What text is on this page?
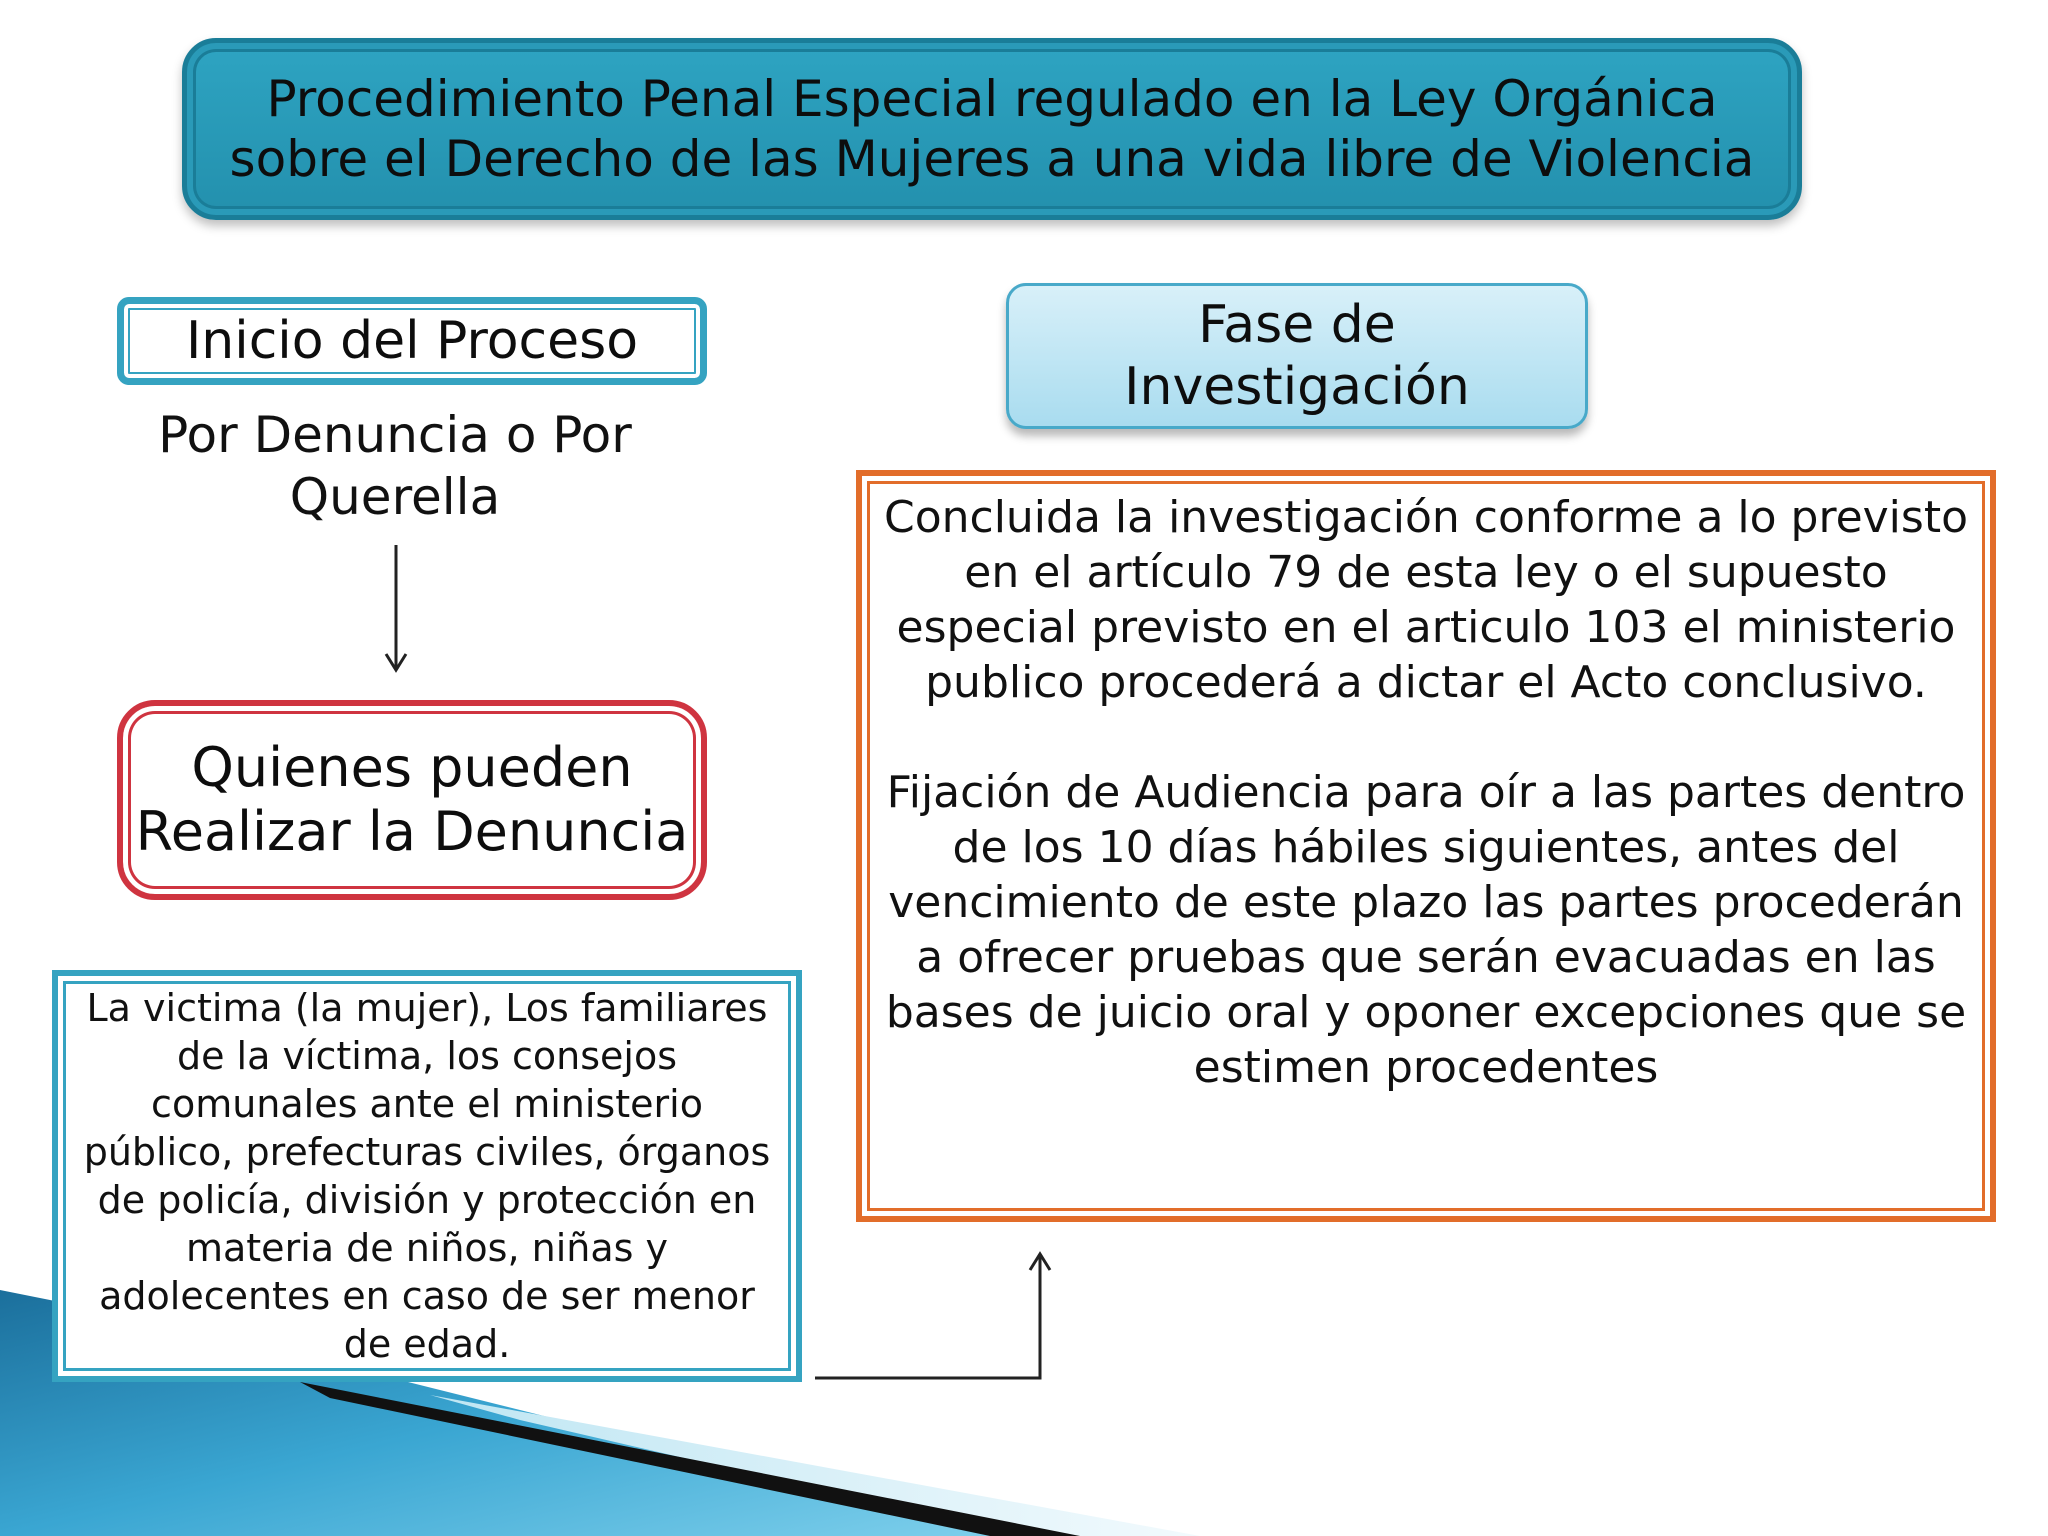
Procedimiento Penal Especial regulado en la Ley Orgánica
sobre el Derecho de las Mujeres a una vida libre de Violencia
Inicio del Proceso
Por Denuncia o Por
Querella
Quienes pueden
Realizar la Denuncia
La victima (la mujer), Los familiares de la víctima, los consejos comunales ante el ministerio público, prefecturas civiles, órganos de policía, división y protección en materia de niños, niñas y adolecentes en caso de ser menor de edad.
Fase de
Investigación

Concluida la investigación conforme a lo previsto en el artículo 79 de esta ley o el supuesto especial previsto en el articulo 103 el ministerio publico procederá a dictar el Acto conclusivo.

Fijación de Audiencia para oír a las partes dentro de los 10 días hábiles siguientes, antes del vencimiento de este plazo las partes procederán a ofrecer pruebas que serán evacuadas en las bases de juicio oral y oponer excepciones que se estimen procedentes
